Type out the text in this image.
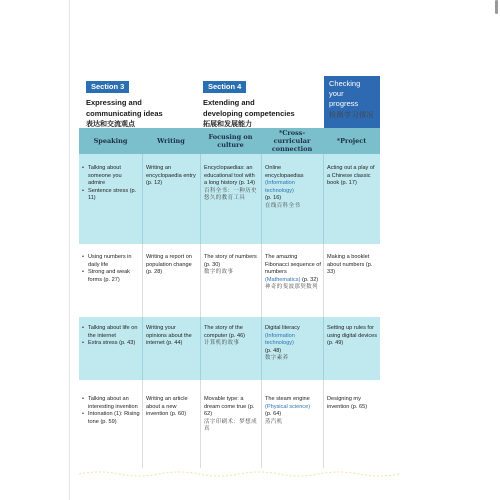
Section 3
Expressing and
communicating ideas
表达和交流观点
Section 4
Extending and
developing competencies
拓展和发展能力
Checking
your
progress
检测学习情况
Speaking	Writing	Focusing on
culture
*Cross-curricular
connection
*Project
• Talking about someone you admire
• Sentence stress (p. 11)
Writing an encyclopaedia entry (p. 12)
Encyclopaedias: an educational tool with a long history (p. 14)
百科全书：一种历史悠久的教育工具
Online encyclopaedias
(Information technology)
(p. 16)
在线百科全书
Acting out a play of a Chinese classic book (p. 17)
• Using numbers in daily life
• Strong and weak forms (p. 27)
Writing a report on population change (p. 28)
The story of numbers (p. 30)
数字的故事
The amazing Fibonacci sequence of numbers
(Mathematics) (p. 32)
神奇的斐波那契数列
Making a booklet about numbers (p. 33)
• Talking about life on the internet
• Extra stress (p. 43)
Writing your opinions about the internet (p. 44)
The story of the computer (p. 46)
计算机的故事
Digital literacy
(Information technology)
(p. 48)
数字素养
Setting up rules for using digital devices (p. 49)
• Talking about an interesting invention
• Intonation (1): Rising tone (p. 59)
Writing an article about a new invention (p. 60)
Movable type: a dream come true (p. 62)
活字印刷术：梦想成真
The steam engine
(Physical science)
(p. 64)
蒸汽机
Designing my invention (p. 65)
